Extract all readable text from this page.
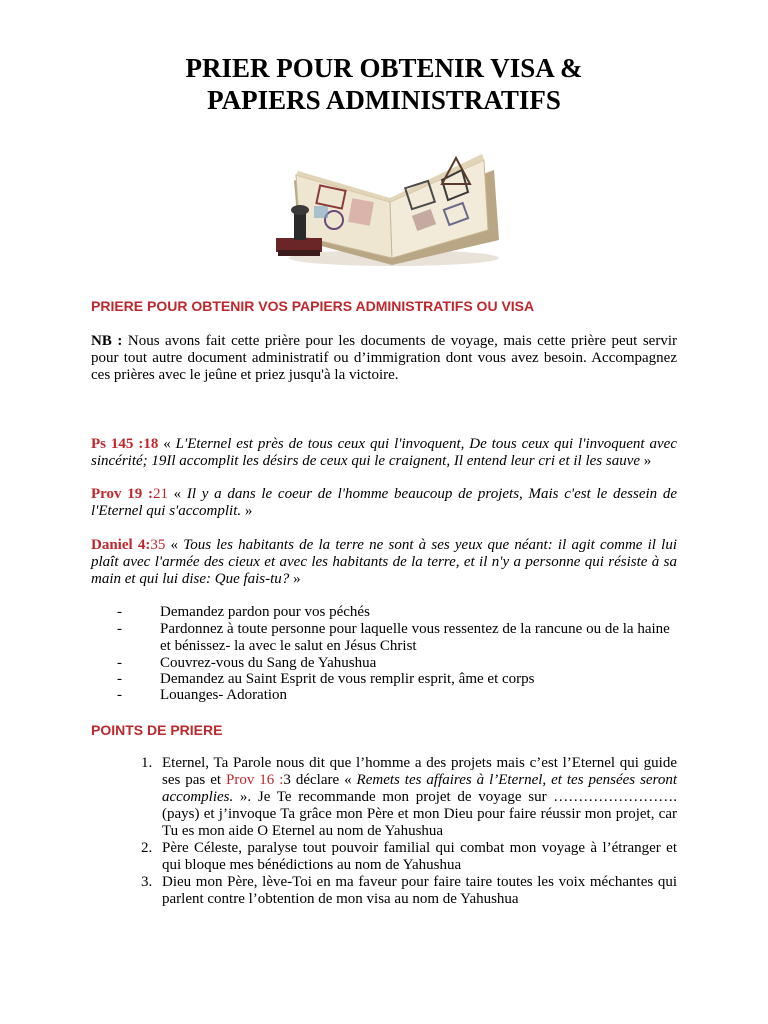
PRIER POUR OBTENIR VISA &
PAPIERS ADMINISTRATIFS
PRIERE POUR OBTENIR VOS PAPIERS ADMINISTRATIFS OU VISA

NB : Nous avons fait cette prière pour les documents de voyage, mais cette prière peut servir pour tout autre document administratif ou d’immigration dont vous avez besoin. Accompagnez ces prières avec le jeûne et priez jusqu'à la victoire.

Ps 145 :18 « L'Eternel est près de tous ceux qui l'invoquent, De tous ceux qui l'invoquent avec sincérité; 19Il accomplit les désirs de ceux qui le craignent, Il entend leur cri et il les sauve »

Prov 19 :21 « Il y a dans le coeur de l'homme beaucoup de projets, Mais c'est le dessein de l'Eternel qui s'accomplit. »

Daniel 4:35 « Tous les habitants de la terre ne sont à ses yeux que néant: il agit comme il lui plaît avec l'armée des cieux et avec les habitants de la terre, et il n'y a personne qui résiste à sa main et qui lui dise: Que fais-tu? »

-	Demandez pardon pour vos péchés
-	Pardonnez à toute personne pour laquelle vous ressentez de la rancune ou de la haine et bénissez- la avec le salut en Jésus Christ
-	Couvrez-vous du Sang de Yahushua
-	Demandez au Saint Esprit de vous remplir esprit, âme et corps
-	Louanges- Adoration
POINTS DE PRIERE
1. Eternel, Ta Parole nous dit que l’homme a des projets mais c’est l’Eternel qui guide ses pas et Prov 16 :3 déclare « Remets tes affaires à l’Eternel, et tes pensées seront accomplies. ». Je Te recommande mon projet de voyage sur …………………….(pays) et j’invoque Ta grâce mon Père et mon Dieu pour faire réussir mon projet, car Tu es mon aide O Eternel au nom de Yahushua
2. Père Céleste, paralyse tout pouvoir familial qui combat mon voyage à l’étranger et qui bloque mes bénédictions au nom de Yahushua
3. Dieu mon Père, lève-Toi en ma faveur pour faire taire toutes les voix méchantes qui parlent contre l’obtention de mon visa au nom de Yahushua
